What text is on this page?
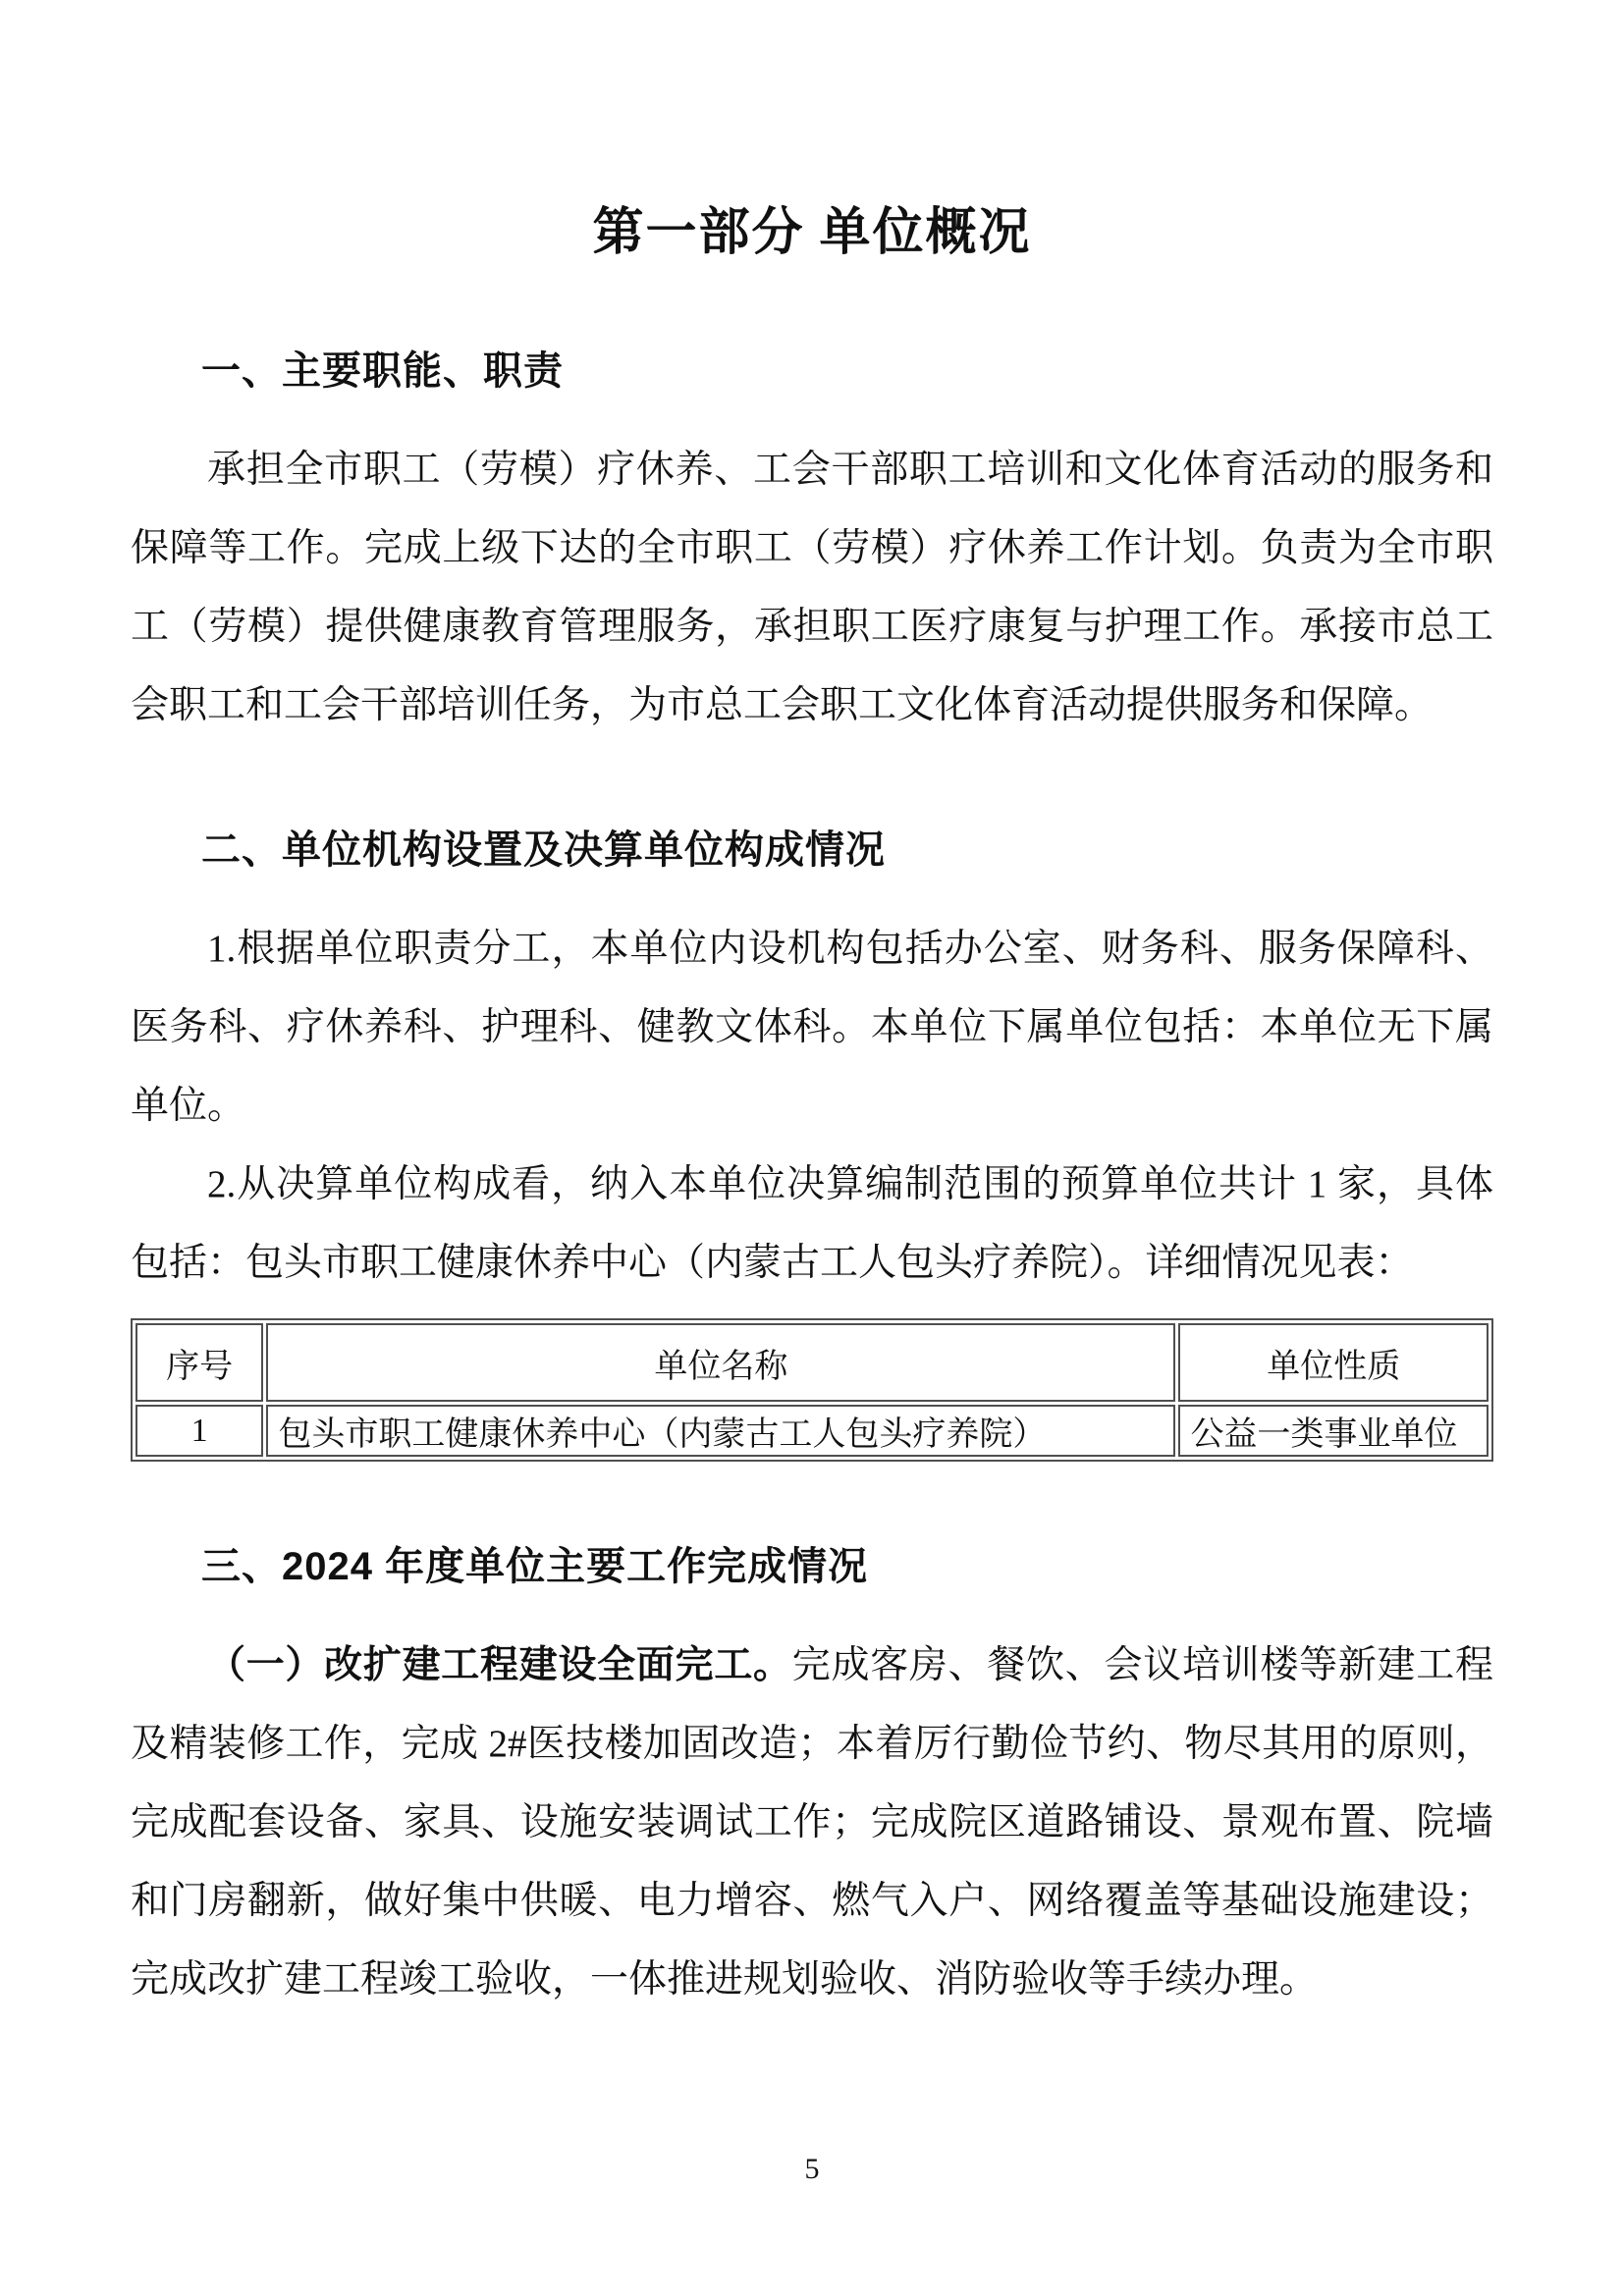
第一部分 单位概况
一、主要职能、职责

承担全市职工（劳模）疗休养、工会干部职工培训和文化体育活动的服务和保障等工作。完成上级下达的全市职工（劳模）疗休养工作计划。负责为全市职工（劳模）提供健康教育管理服务，承担职工医疗康复与护理工作。承接市总工会职工和工会干部培训任务，为市总工会职工文化体育活动提供服务和保障。

二、单位机构设置及决算单位构成情况

1.根据单位职责分工，本单位内设机构包括办公室、财务科、服务保障科、医务科、疗休养科、护理科、健教文体科。本单位下属单位包括：本单位无下属单位。

2.从决算单位构成看，纳入本单位决算编制范围的预算单位共计 1 家，具体包括：包头市职工健康休养中心（内蒙古工人包头疗养院）。详细情况见表：

序号	单位名称	单位性质
1	包头市职工健康休养中心（内蒙古工人包头疗养院）	公益一类事业单位
三、2024 年度单位主要工作完成情况

（一）改扩建工程建设全面完工。完成客房、餐饮、会议培训楼等新建工程及精装修工作，完成 2#医技楼加固改造；本着厉行勤俭节约、物尽其用的原则，完成配套设备、家具、设施安装调试工作；完成院区道路铺设、景观布置、院墙和门房翻新，做好集中供暖、电力增容、燃气入户、网络覆盖等基础设施建设；完成改扩建工程竣工验收，一体推进规划验收、消防验收等手续办理。

5
